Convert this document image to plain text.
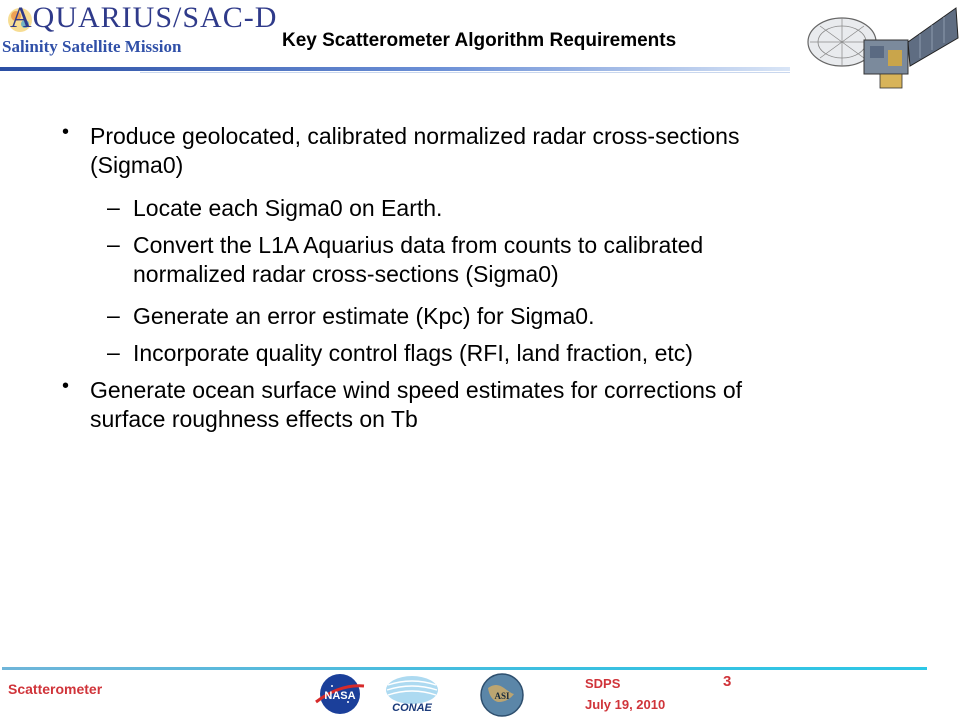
AQUARIUS/SAC-D
Salinity Satellite Mission	Key Scatterometer Algorithm Requirements
• Produce geolocated, calibrated normalized radar cross-sections
(Sigma0)
– Locate each Sigma0 on Earth.
– Convert the L1A Aquarius data from counts to calibrated
normalized radar cross-sections (Sigma0)
– Generate an error estimate (Kpc) for Sigma0.
– Incorporate quality control flags (RFI, land fraction, etc)
• Generate ocean surface wind speed estimates for corrections of
surface roughness effects on Tb
Scatterometer	NASA
CONAE
ASI
SDPS
July 19, 2010
3
